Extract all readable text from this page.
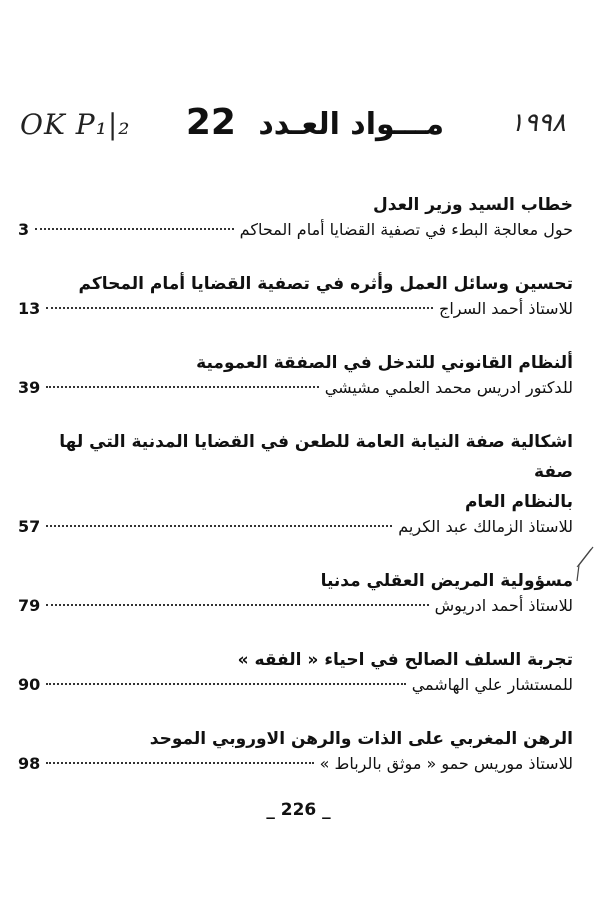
OK P₁|₂	١٩٩٨
مـــواد العـدد 22
خطاب السيد وزير العدل
حول معالجة البطء في تصفية القضايا أمام المحاكم
3
تحسين وسائل العمل وأثره في تصفية القضايا أمام المحاكم
للاستاذ أحمد السراج
13
ألنظام القانوني للتدخل في الصفقة العمومية
للدكتور ادريس محمد العلمي مشيشي
39
اشكالية صفة النيابة العامة للطعن في القضايا المدنية التي لها صفة
بالنظام العام
للاستاذ الزمالك عبد الكريم
57
مسؤولية المريض العقلي مدنيا
للاستاذ أحمد ادريوش
79
تجربة السلف الصالح في احياء « الفقه »
للمستشار علي الهاشمي
90
الرهن المغربي على الذات والرهن الاوروبي الموحد
للاستاذ موريس حمو « موثق بالرباط »
98
_ 226 _
